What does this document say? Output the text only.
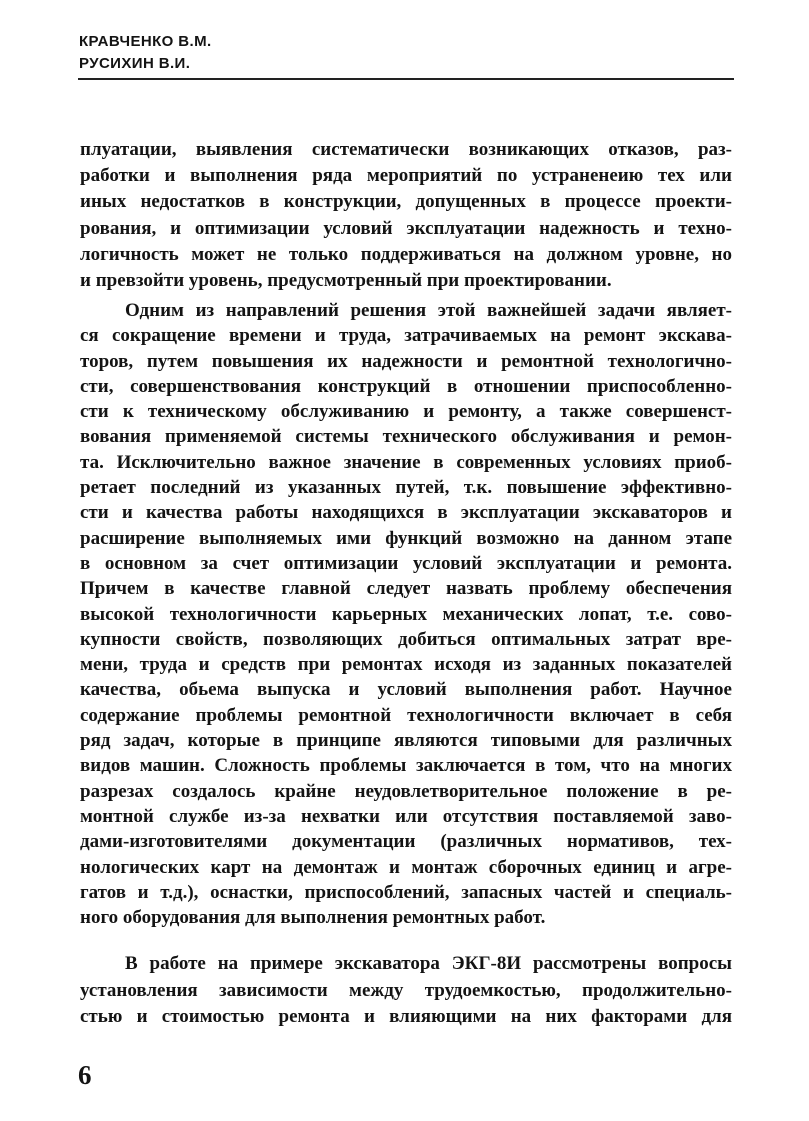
КРАВЧЕНКО В.М.
РУСИХИН В.И.
плуатации, выявления систематически возникающих отказов, раз-
работки и выполнения ряда мероприятий по устраненеию тех или
иных недостатков в конструкции, допущенных в процессе проекти-
рования, и оптимизации условий эксплуатации надежность и техно-
логичность может не только поддерживаться на должном уровне, но
и превзойти уровень, предусмотренный при проектировании.
Одним из направлений решения этой важнейшей задачи являет-
ся сокращение времени и труда, затрачиваемых на ремонт экскава-
торов, путем повышения их надежности и ремонтной технологично-
сти, совершенствования конструкций в отношении приспособленно-
сти к техническому обслуживанию и ремонту, а также совершенст-
вования применяемой системы технического обслуживания и ремон-
та. Исключительно важное значение в современных условиях приоб-
ретает последний из указанных путей, т.к. повышение эффективно-
сти и качества работы находящихся в эксплуатации экскаваторов и
расширение выполняемых ими функций возможно на данном этапе
в основном за счет оптимизации условий эксплуатации и ремонта.
Причем в качестве главной следует назвать проблему обеспечения
высокой технологичности карьерных механических лопат, т.е. сово-
купности свойств, позволяющих добиться оптимальных затрат вре-
мени, труда и средств при ремонтах исходя из заданных показателей
качества, обьема выпуска и условий выполнения работ. Научное
содержание проблемы ремонтной технологичности включает в себя
ряд задач, которые в принципе являются типовыми для различных
видов машин. Сложность проблемы заключается в том, что на многих
разрезах создалось крайне неудовлетворительное положение в ре-
монтной службе из-за нехватки или отсутствия поставляемой заво-
дами-изготовителями документации (различных нормативов, тех-
нологических карт на демонтаж и монтаж сборочных единиц и агре-
гатов и т.д.), оснастки, приспособлений, запасных частей и специаль-
ного оборудования для выполнения ремонтных работ.
В работе на примере экскаватора ЭКГ-8И рассмотрены вопросы
установления зависимости между трудоемкостью, продолжительно-
стью и стоимостью ремонта и влияющими на них факторами для
6
